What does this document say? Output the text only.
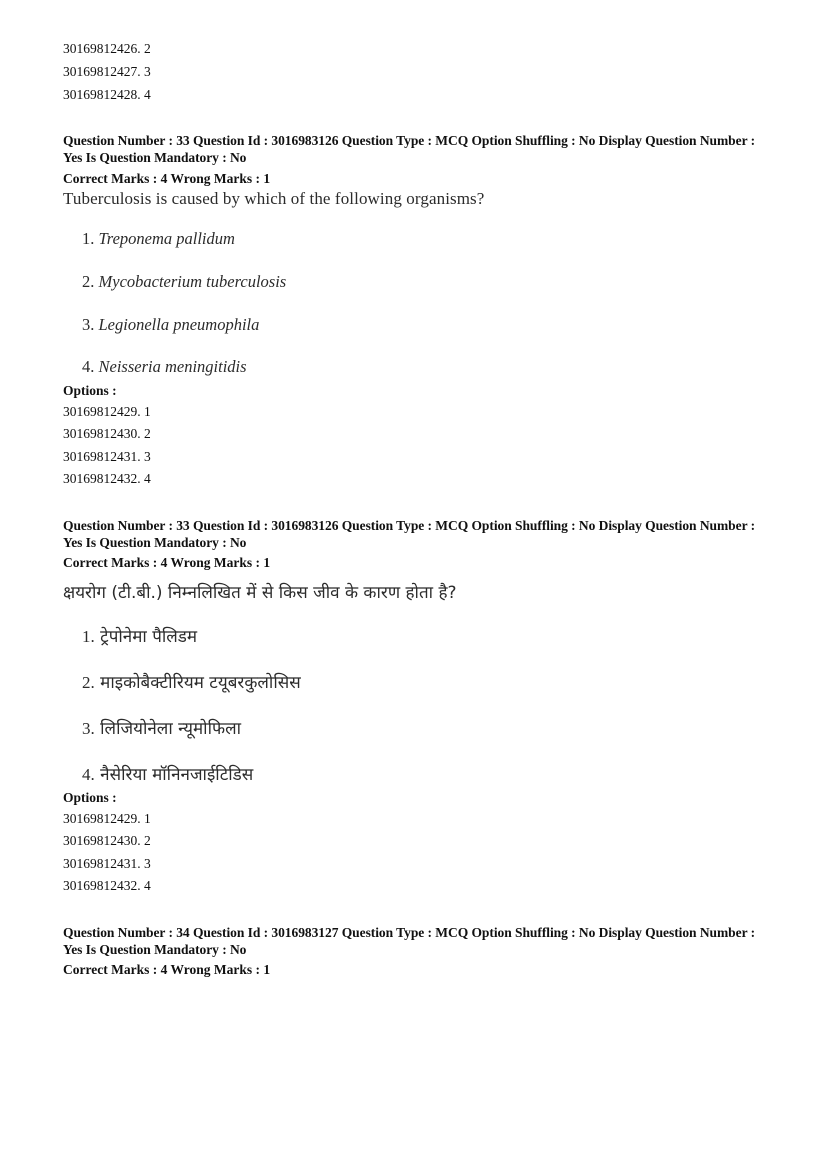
30169812426. 2
30169812427. 3
30169812428. 4
Question Number : 33 Question Id : 3016983126 Question Type : MCQ Option Shuffling : No Display Question Number : Yes Is Question Mandatory : No
Correct Marks : 4 Wrong Marks : 1
Tuberculosis is caused by which of the following organisms?
1. Treponema pallidum
2. Mycobacterium tuberculosis
3. Legionella pneumophila
4. Neisseria meningitidis
Options :
30169812429. 1
30169812430. 2
30169812431. 3
30169812432. 4
Question Number : 33 Question Id : 3016983126 Question Type : MCQ Option Shuffling : No Display Question Number : Yes Is Question Mandatory : No
Correct Marks : 4 Wrong Marks : 1
क्षयरोग (टी.बी.) निम्नलिखित में से किस जीव के कारण होता है?
1. ट्रेपोनेमा पैलिडम
2. माइकोबैक्टीरियम टयूबरकुलोसिस
3. लिजियोनेला न्यूमोफिला
4. नैसेरिया मॉनिनजाईटिडिस
Options :
30169812429. 1
30169812430. 2
30169812431. 3
30169812432. 4
Question Number : 34 Question Id : 3016983127 Question Type : MCQ Option Shuffling : No Display Question Number : Yes Is Question Mandatory : No
Correct Marks : 4 Wrong Marks : 1
